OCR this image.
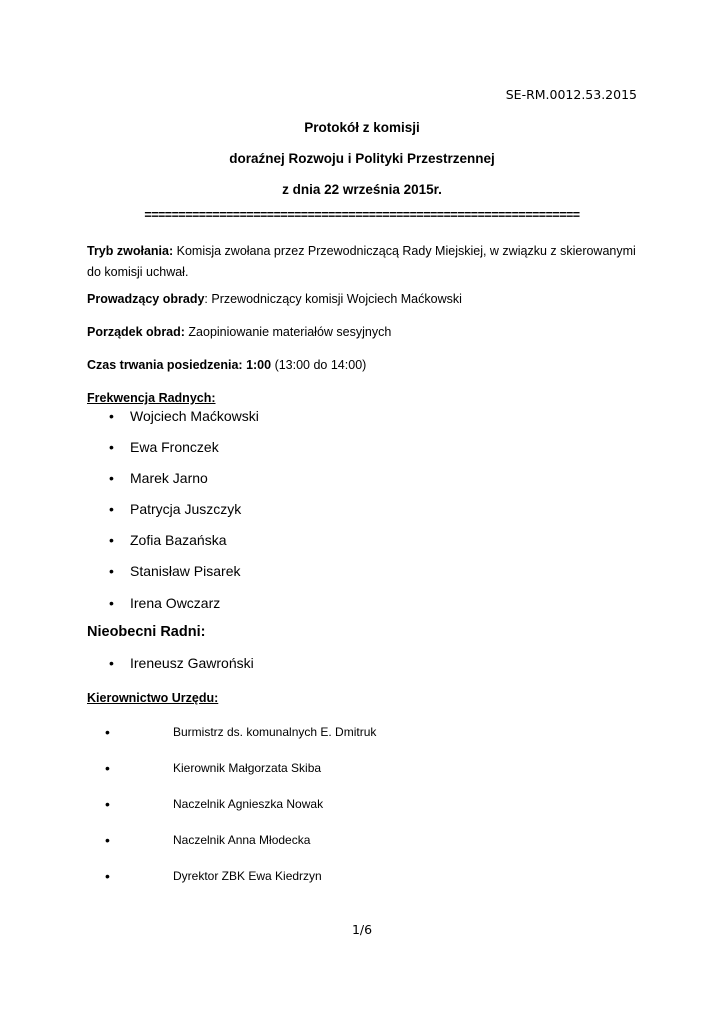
SE-RM.0012.53.2015
Protokół z komisji
doraźnej Rozwoju i Polityki Przestrzennej
z dnia 22 września 2015r.
================================================================
Tryb zwołania: Komisja zwołana przez Przewodniczącą Rady Miejskiej, w związku z skierowanymi do komisji uchwał.
Prowadzący obrady: Przewodniczący komisji Wojciech Maćkowski
Porządek obrad: Zaopiniowanie materiałów sesyjnych
Czas trwania posiedzenia: 1:00 (13:00 do 14:00)
Frekwencja Radnych:
• Wojciech Maćkowski
• Ewa Fronczek
• Marek Jarno
• Patrycja Juszczyk
• Zofia Bazańska
• Stanisław Pisarek
• Irena Owczarz
Nieobecni Radni:
• Ireneusz Gawroński
Kierownictwo Urzędu:
•	Burmistrz ds. komunalnych E. Dmitruk
•	Kierownik Małgorzata Skiba
•	Naczelnik Agnieszka Nowak
•	Naczelnik Anna Młodecka
•	Dyrektor ZBK Ewa Kiedrzyn
1/6
